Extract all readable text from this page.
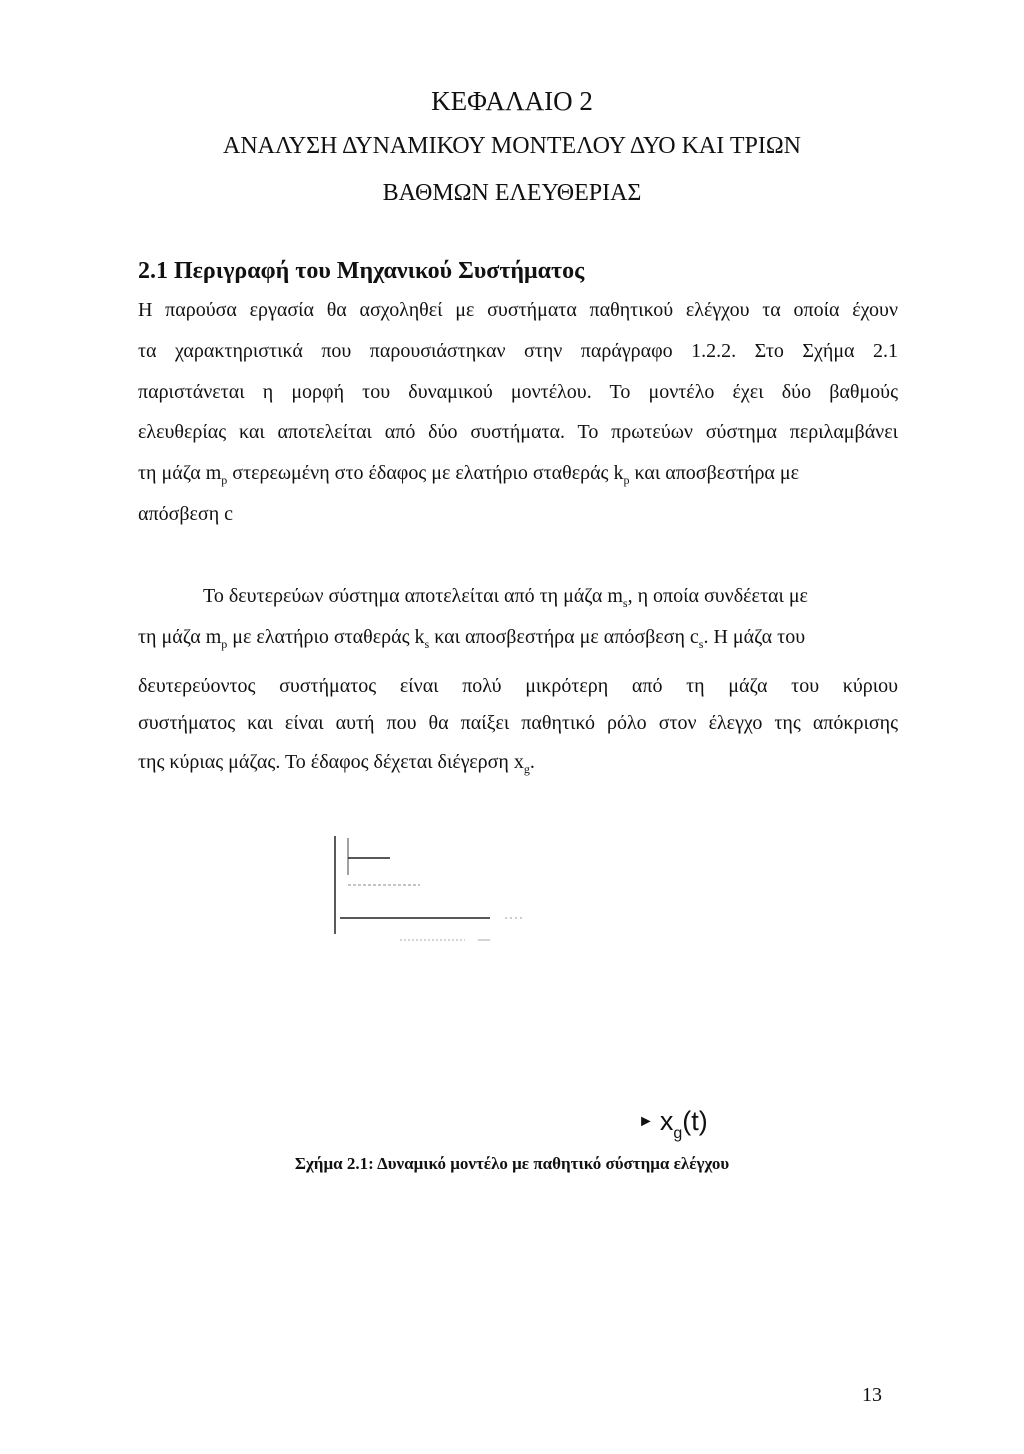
ΚΕΦΑΛΑΙΟ 2
ΑΝΑΛΥΣΗ ΔΥΝΑΜΙΚΟΥ ΜΟΝΤΕΛΟΥ ΔΥΟ ΚΑΙ ΤΡΙΩΝ
ΒΑΘΜΩΝ ΕΛΕΥΘΕΡΙΑΣ
2.1 Περιγραφή του Μηχανικού Συστήματος
Η παρούσα εργασία θα ασχοληθεί με συστήματα παθητικού ελέγχου τα οποία έχουν
τα χαρακτηριστικά που παρουσιάστηκαν στην παράγραφο 1.2.2. Στο Σχήμα 2.1
παριστάνεται η μορφή του δυναμικού μοντέλου. Το μοντέλο έχει δύο βαθμούς
ελευθερίας και αποτελείται από δύο συστήματα. Το πρωτεύων σύστημα περιλαμβάνει
τη μάζα $m_p$ στερεωμένη στο έδαφος με ελατήριο σταθεράς $k_p$ και αποσβεστήρα με
απόσβεση c
Το δευτερεύων σύστημα αποτελείται από τη μάζα $m_s$, η οποία συνδέεται με
τη μάζα $m_p$ με ελατήριο σταθεράς $k_s$ και αποσβεστήρα με απόσβεση $c_s$. Η μάζα του
δευτερεύοντος συστήματος είναι πολύ μικρότερη από τη μάζα του κύριου
συστήματος και είναι αυτή που θα παίξει παθητικό ρόλο στον έλεγχο της απόκρισης
της κύριας μάζας. Το έδαφος δέχεται διέγερση $x_g$.
► $x_g(t)$
Σχήμα 2.1: Δυναμικό μοντέλο με παθητικό σύστημα ελέγχου
13
